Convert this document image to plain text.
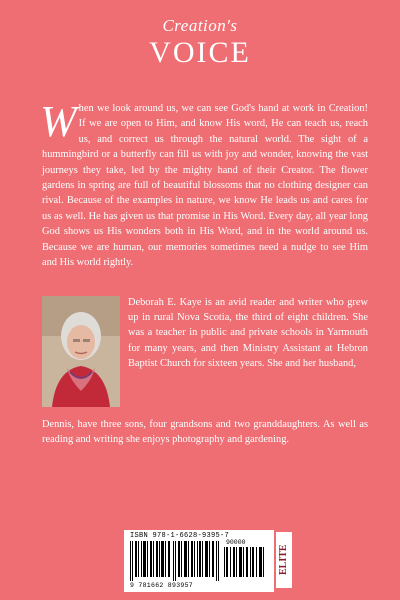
Creation's
VOICE
W hen we look around us, we can see God's hand at work in Creation! If we are open to Him, and know His word, He can teach us, reach us, and correct us through the natural world. The sight of a hummingbird or a butterfly can fill us with joy and wonder, knowing the vast journeys they take, led by the mighty hand of their Creator. The flower gardens in spring are full of beautiful blossoms that no clothing designer can rival. Because of the examples in nature, we know He leads us and cares for us as well. He has given us that promise in His Word. Every day, all year long God shows us His wonders both in His Word, and in the world around us. Because we are human, our memories sometimes need a nudge to see Him and His world rightly.
Deborah E. Kaye is an avid reader and writer who grew up in rural Nova Scotia, the third of eight children. She was a teacher in public and private schools in Yarmouth for many years, and then Ministry Assistant at Hebron Baptist Church for sixteen years. She and her husband,
Dennis, have three sons, four grandsons and two granddaughters. As well as reading and writing she enjoys photography and gardening.
ISBN 978-1-6628-9395-7
90000
9 781662 893957
ELITE
